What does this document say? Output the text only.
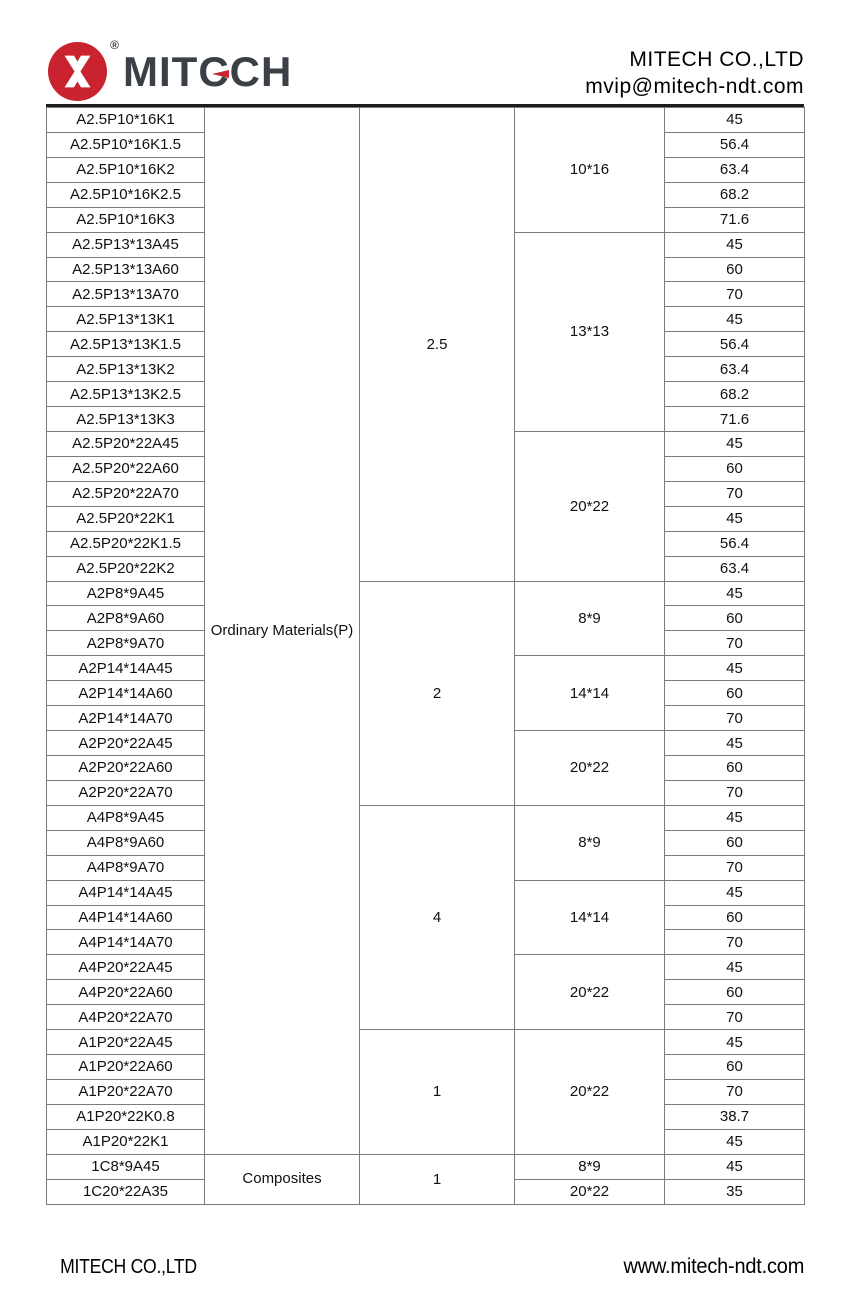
®
MIT C CH	MITECH CO.,LTD
mvip@mitech-ndt.com
A2.5P10*16K1	Ordinary Materials(P)	2.5	10*16	45
A2.5P10*16K1.5				56.4
A2.5P10*16K2				63.4
A2.5P10*16K2.5				68.2
A2.5P10*16K3				71.6
A2.5P13*13A45			13*13	45
A2.5P13*13A60				60
A2.5P13*13A70				70
A2.5P13*13K1				45
A2.5P13*13K1.5				56.4
A2.5P13*13K2				63.4
A2.5P13*13K2.5				68.2
A2.5P13*13K3				71.6
A2.5P20*22A45			20*22	45
A2.5P20*22A60				60
A2.5P20*22A70				70
A2.5P20*22K1				45
A2.5P20*22K1.5				56.4
A2.5P20*22K2				63.4
A2P8*9A45		2	8*9	45
A2P8*9A60				60
A2P8*9A70				70
A2P14*14A45			14*14	45
A2P14*14A60				60
A2P14*14A70				70
A2P20*22A45			20*22	45
A2P20*22A60				60
A2P20*22A70				70
A4P8*9A45		4	8*9	45
A4P8*9A60				60
A4P8*9A70				70
A4P14*14A45			14*14	45
A4P14*14A60				60
A4P14*14A70				70
A4P20*22A45			20*22	45
A4P20*22A60				60
A4P20*22A70				70
A1P20*22A45		1	20*22	45
A1P20*22A60				60
A1P20*22A70				70
A1P20*22K0.8				38.7
A1P20*22K1				45
1C8*9A45	Composites	1	8*9	45
1C20*22A35			20*22	35
MITECH CO.,LTD	www.mitech-ndt.com
